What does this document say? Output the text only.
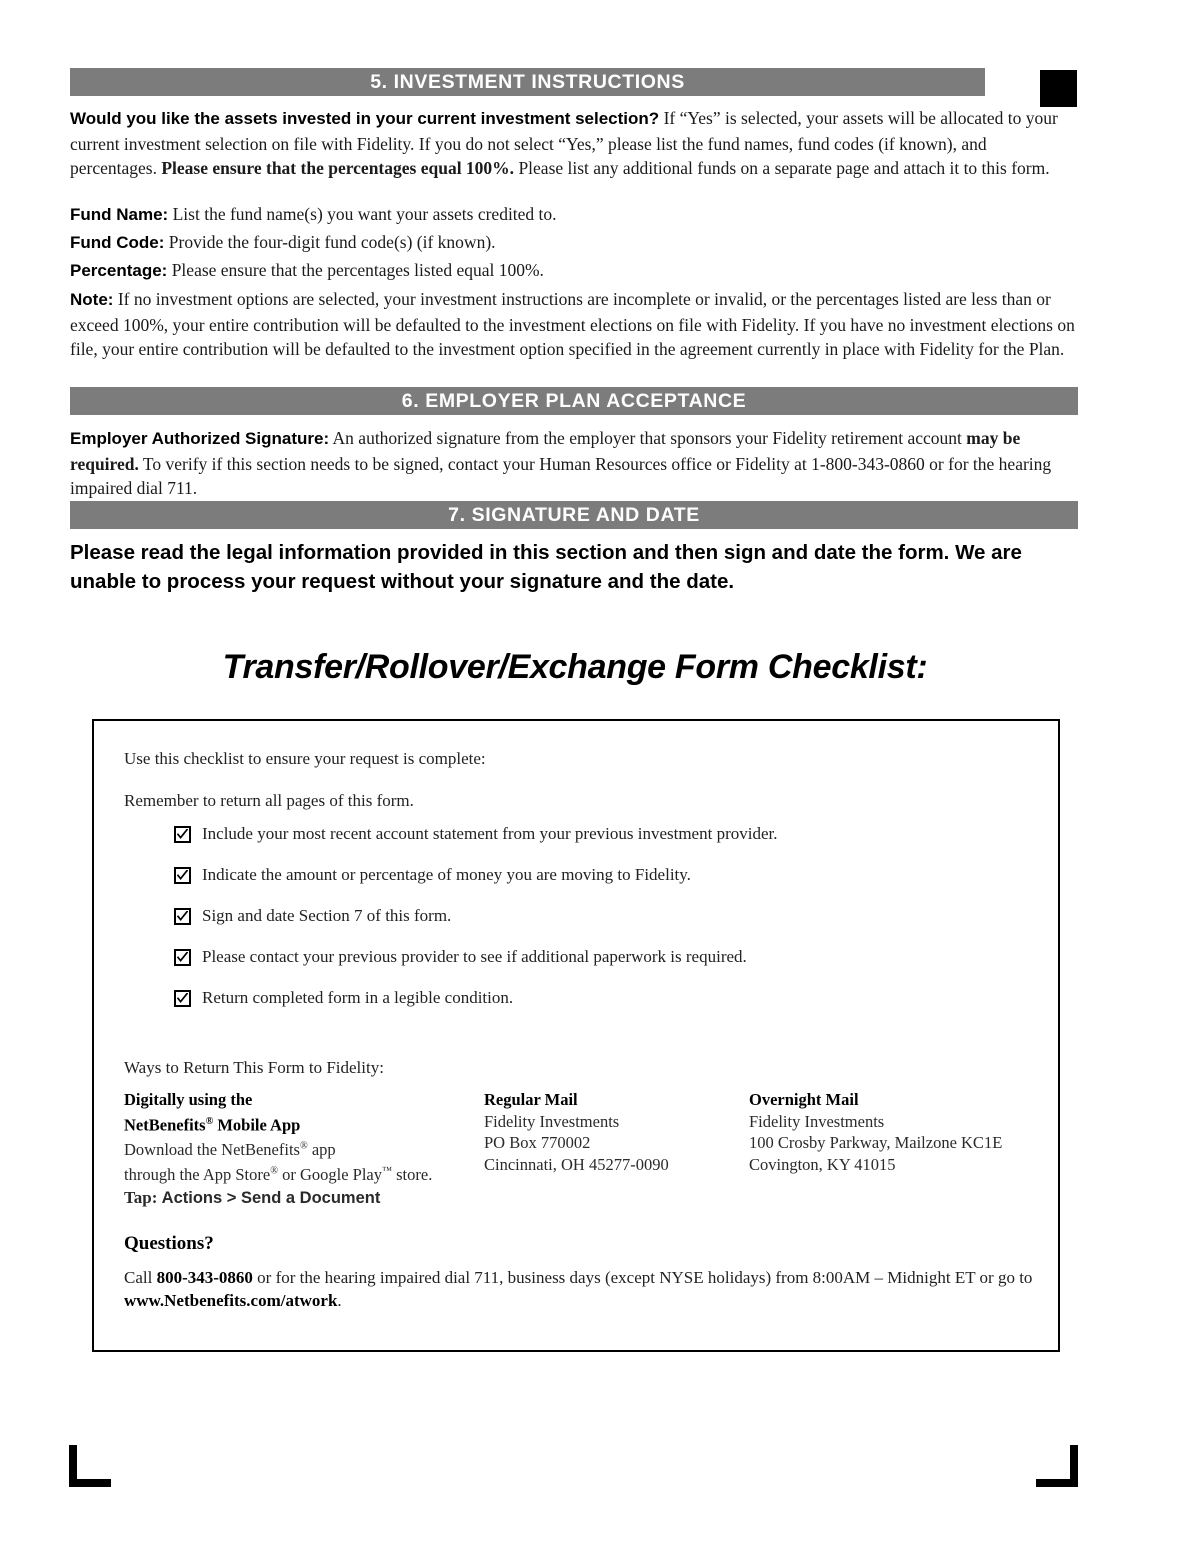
5. INVESTMENT INSTRUCTIONS
Would you like the assets invested in your current investment selection? If “Yes” is selected, your assets will be allocated to your current investment selection on file with Fidelity. If you do not select “Yes,” please list the fund names, fund codes (if known), and percentages. Please ensure that the percentages equal 100%. Please list any additional funds on a separate page and attach it to this form.
Fund Name: List the fund name(s) you want your assets credited to.
Fund Code: Provide the four-digit fund code(s) (if known).
Percentage: Please ensure that the percentages listed equal 100%.
Note: If no investment options are selected, your investment instructions are incomplete or invalid, or the percentages listed are less than or exceed 100%, your entire contribution will be defaulted to the investment elections on file with Fidelity. If you have no investment elections on file, your entire contribution will be defaulted to the investment option specified in the agreement currently in place with Fidelity for the Plan.
6. EMPLOYER PLAN ACCEPTANCE
Employer Authorized Signature: An authorized signature from the employer that sponsors your Fidelity retirement account may be required. To verify if this section needs to be signed, contact your Human Resources office or Fidelity at 1-800-343-0860 or for the hearing impaired dial 711.
7. SIGNATURE AND DATE
Please read the legal information provided in this section and then sign and date the form. We are unable to process your request without your signature and the date.
Transfer/Rollover/Exchange Form Checklist:
Use this checklist to ensure your request is complete:
Remember to return all pages of this form.
Include your most recent account statement from your previous investment provider.
Indicate the amount or percentage of money you are moving to Fidelity.
Sign and date Section 7 of this form.
Please contact your previous provider to see if additional paperwork is required.
Return completed form in a legible condition.
Ways to Return This Form to Fidelity:
Digitally using the
NetBenefits® Mobile App
Download the NetBenefits® app
through the App Store® or Google Play™ store.
Tap: Actions > Send a Document
Regular Mail
Fidelity Investments
PO Box 770002
Cincinnati, OH 45277-0090
Overnight Mail
Fidelity Investments
100 Crosby Parkway, Mailzone KC1E
Covington, KY 41015
Questions?
Call 800-343-0860 or for the hearing impaired dial 711, business days (except NYSE holidays) from 8:00AM – Midnight ET or go to www.Netbenefits.com/atwork.
